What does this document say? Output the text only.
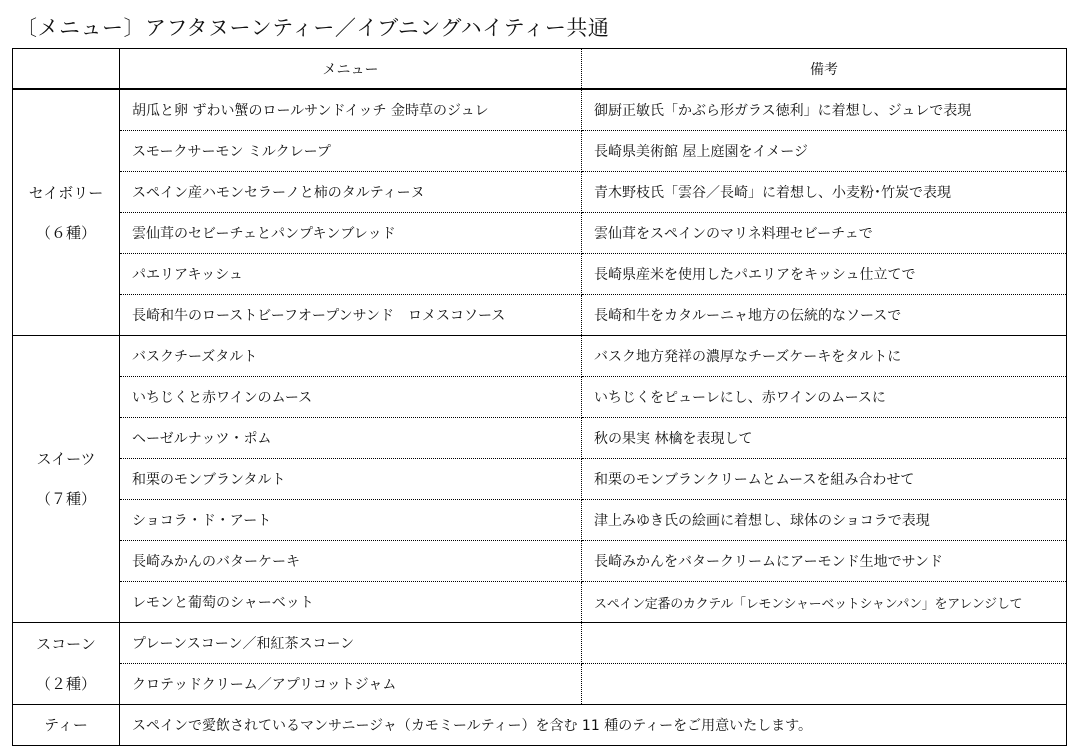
〔メニュー〕アフタヌーンティー／イブニングハイティー共通
	メニュー	備考

セイボリー
（６種）	胡瓜と卵 ずわい蟹のロールサンドイッチ 金時草のジュレ	御厨正敏氏「かぶら形ガラス徳利」に着想し、ジュレで表現
	スモークサーモン ミルクレープ	長崎県美術館 屋上庭園をイメージ
	スペイン産ハモンセラーノと柿のタルティーヌ	青木野枝氏「雲谷／長崎」に着想し、小麦粉･竹炭で表現
	雲仙茸のセビーチェとパンプキンブレッド	雲仙茸をスペインのマリネ料理セビーチェで
	パエリアキッシュ	長崎県産米を使用したパエリアをキッシュ仕立てで
	長崎和牛のローストビーフオープンサンド　ロメスコソース	長崎和牛をカタルーニャ地方の伝統的なソースで

スイーツ
（７種）	バスクチーズタルト	バスク地方発祥の濃厚なチーズケーキをタルトに
	いちじくと赤ワインのムース	いちじくをピューレにし、赤ワインのムースに
	ヘーゼルナッツ・ポム	秋の果実 林檎を表現して
	和栗のモンブランタルト	和栗のモンブランクリームとムースを組み合わせて
	ショコラ・ド・アート	津上みゆき氏の絵画に着想し、球体のショコラで表現
	長崎みかんのバターケーキ	長崎みかんをバタークリームにアーモンド生地でサンド
	レモンと葡萄のシャーベット	スペイン定番のカクテル「レモンシャーベットシャンパン」をアレンジして

スコーン
（２種）	プレーンスコーン／和紅茶スコーン	
	クロテッドクリーム／アプリコットジャム	

ティー	スペインで愛飲されているマンサニージャ（カモミールティー）を含む 11 種のティーをご用意いたします。	
